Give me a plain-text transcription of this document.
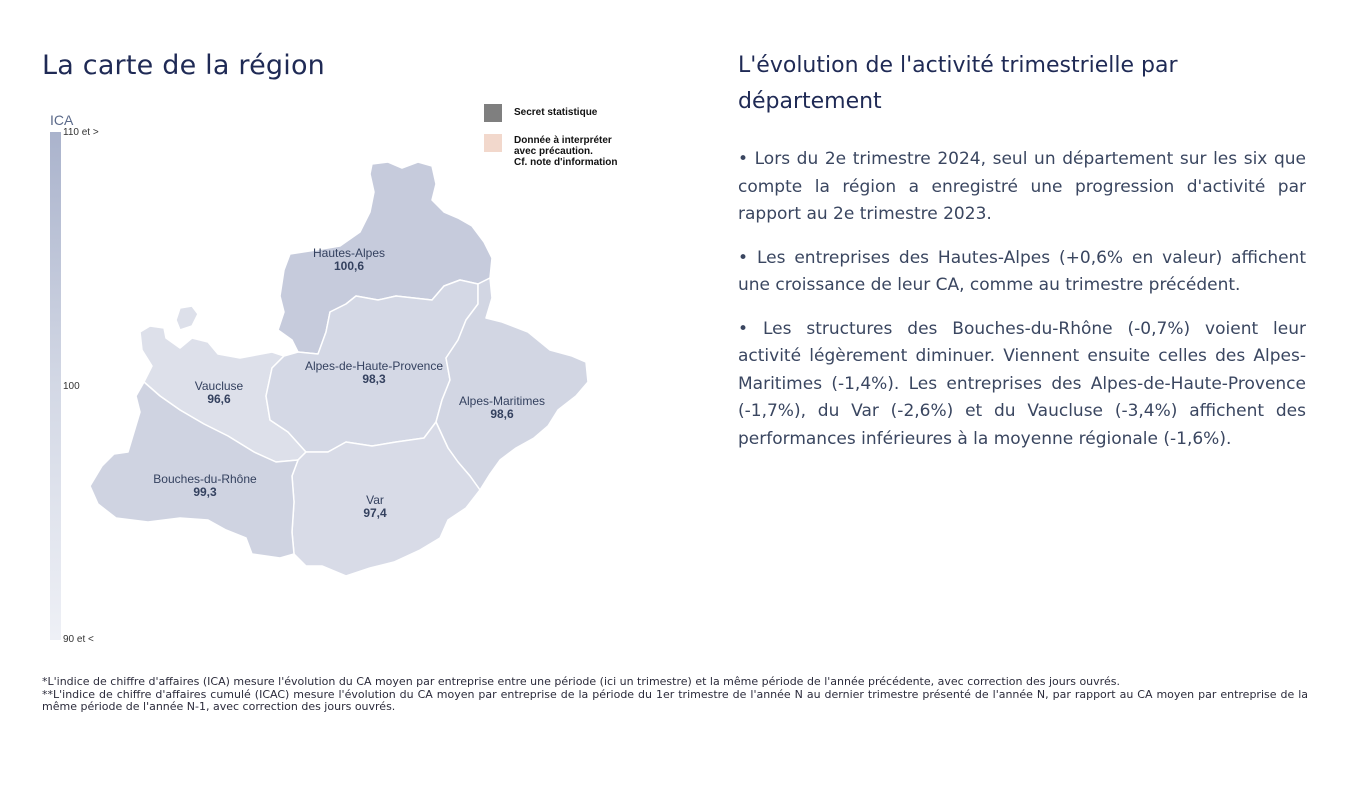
La carte de la région
ICA
110 et >
100
90 et <
Secret statistique
Donnée à interpréter
avec précaution.
Cf. note d'information
Hautes-Alpes
100,6
Alpes-de-Haute-Provence
98,3
Vaucluse
96,6	Alpes-Maritimes
98,6
Bouches-du-Rhône
99,3
Var
97,4
L'évolution de l'activité trimestrielle par département

• Lors du 2e trimestre 2024, seul un département sur les six que compte la région a enregistré une progression d'activité par rapport au 2e trimestre 2023.

• Les entreprises des Hautes-Alpes (+0,6% en valeur) affichent une croissance de leur CA, comme au trimestre précédent.

• Les structures des Bouches-du-Rhône (-0,7%) voient leur activité légèrement diminuer. Viennent ensuite celles des Alpes-Maritimes (-1,4%). Les entreprises des Alpes-de-Haute-Provence (-1,7%), du Var (-2,6%) et du Vaucluse (-3,4%) affichent des performances inférieures à la moyenne régionale (-1,6%).

*L'indice de chiffre d'affaires (ICA) mesure l'évolution du CA moyen par entreprise entre une période (ici un trimestre) et la même période de l'année précédente, avec correction des jours ouvrés.

**L'indice de chiffre d'affaires cumulé (ICAC) mesure l'évolution du CA moyen par entreprise de la période du 1er trimestre de l'année N au dernier trimestre présenté de l'année N, par rapport au CA moyen par entreprise de la même période de l'année N-1, avec correction des jours ouvrés.
